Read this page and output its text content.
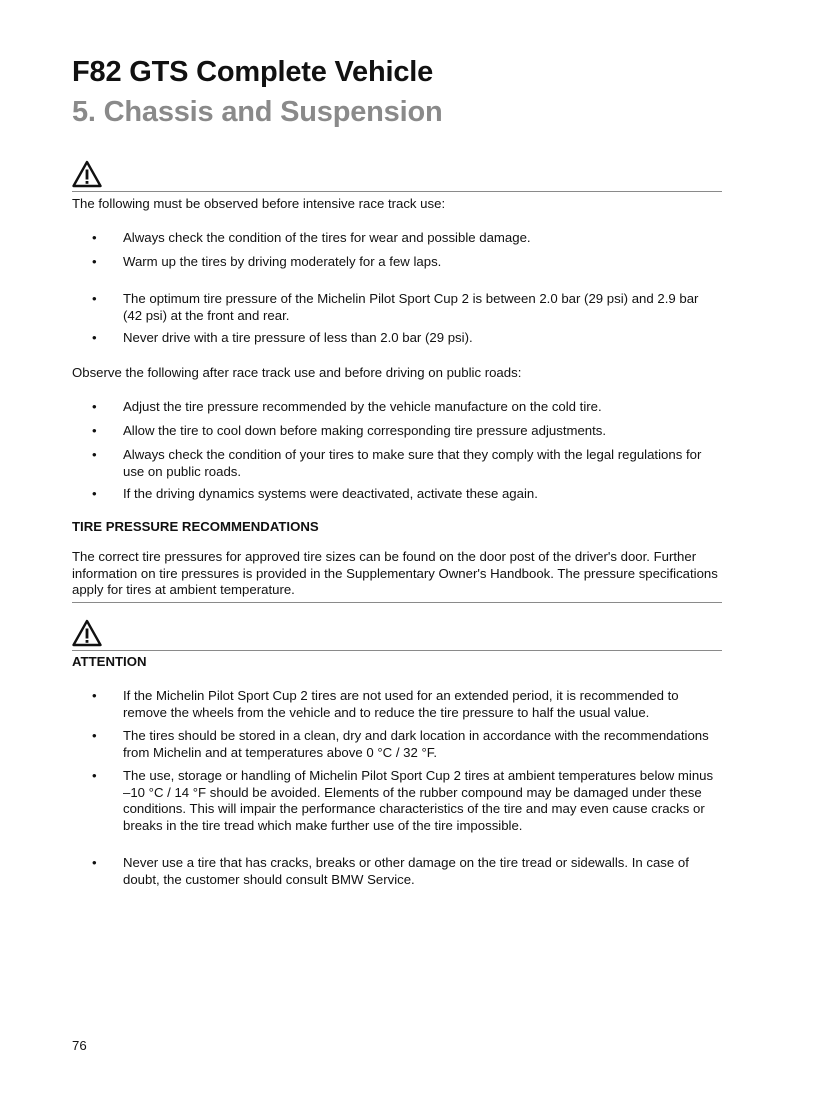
F82 GTS Complete Vehicle
5. Chassis and Suspension

The following must be observed before intensive race track use:

• Always check the condition of the tires for wear and possible damage.
• Warm up the tires by driving moderately for a few laps.
• The optimum tire pressure of the Michelin Pilot Sport Cup 2 is between 2.0 bar (29 psi) and 2.9 bar (42 psi) at the front and rear.
• Never drive with a tire pressure of less than 2.0 bar (29 psi).

Observe the following after race track use and before driving on public roads:

• Adjust the tire pressure recommended by the vehicle manufacture on the cold tire.
• Allow the tire to cool down before making corresponding tire pressure adjustments.
• Always check the condition of your tires to make sure that they comply with the legal regulations for use on public roads.
• If the driving dynamics systems were deactivated, activate these again.

TIRE PRESSURE RECOMMENDATIONS

The correct tire pressures for approved tire sizes can be found on the door post of the driver's door. Further information on tire pressures is provided in the Supplementary Owner's Handbook. The pressure specifications apply for tires at ambient temperature.

ATTENTION

• If the Michelin Pilot Sport Cup 2 tires are not used for an extended period, it is recommended to remove the wheels from the vehicle and to reduce the tire pressure to half the usual value.
• The tires should be stored in a clean, dry and dark location in accordance with the recommendations from Michelin and at temperatures above 0 °C / 32 °F.
• The use, storage or handling of Michelin Pilot Sport Cup 2 tires at ambient temperatures below minus –10 °C / 14 °F should be avoided. Elements of the rubber compound may be damaged under these conditions. This will impair the performance characteristics of the tire and may even cause cracks or breaks in the tire tread which make further use of the tire impossible.
• Never use a tire that has cracks, breaks or other damage on the tire tread or sidewalls. In case of doubt, the customer should consult BMW Service.
76
